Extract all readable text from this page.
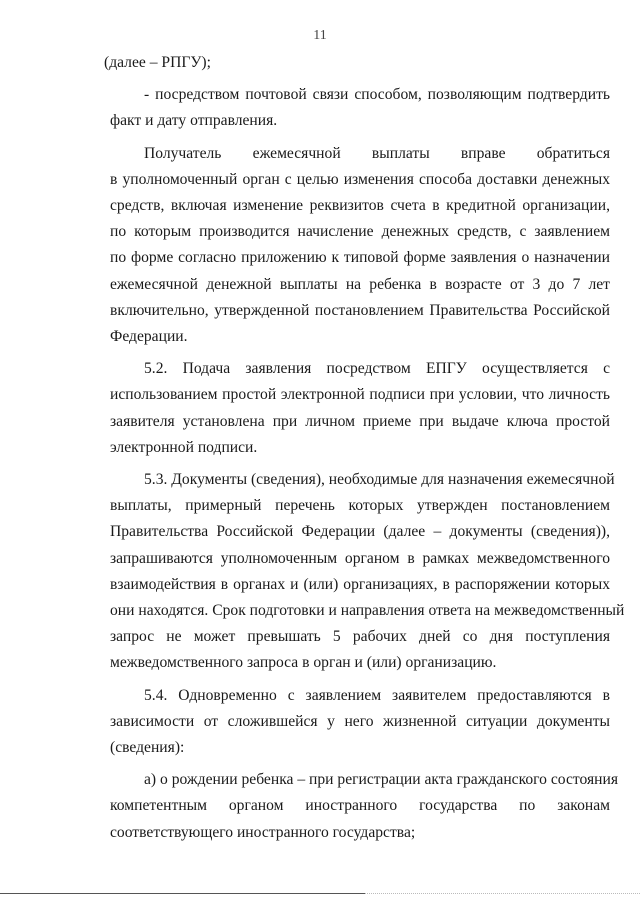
11
(далее – РПГУ);
- посредством почтовой связи способом, позволяющим подтвердить
факт и дату отправления.
Получатель ежемесячной выплаты вправе обратиться
в уполномоченный орган с целью изменения способа доставки денежных
средств, включая изменение реквизитов счета в кредитной организации,
по которым производится начисление денежных средств, с заявлением
по форме согласно приложению к типовой форме заявления о назначении
ежемесячной денежной выплаты на ребенка в возрасте от 3 до 7 лет
включительно, утвержденной постановлением Правительства Российской
Федерации.
5.2. Подача заявления посредством ЕПГУ осуществляется с
использованием простой электронной подписи при условии, что личность
заявителя установлена при личном приеме при выдаче ключа простой
электронной подписи.
5.3. Документы (сведения), необходимые для назначения ежемесячной
выплаты, примерный перечень которых утвержден постановлением
Правительства Российской Федерации (далее – документы (сведения)),
запрашиваются уполномоченным органом в рамках межведомственного
взаимодействия в органах и (или) организациях, в распоряжении которых
они находятся. Срок подготовки и направления ответа на межведомственный
запрос не может превышать 5 рабочих дней со дня поступления
межведомственного запроса в орган и (или) организацию.
5.4. Одновременно с заявлением заявителем предоставляются в
зависимости от сложившейся у него жизненной ситуации документы
(сведения):
а) о рождении ребенка – при регистрации акта гражданского состояния
компетентным органом иностранного государства по законам
соответствующего иностранного государства;
